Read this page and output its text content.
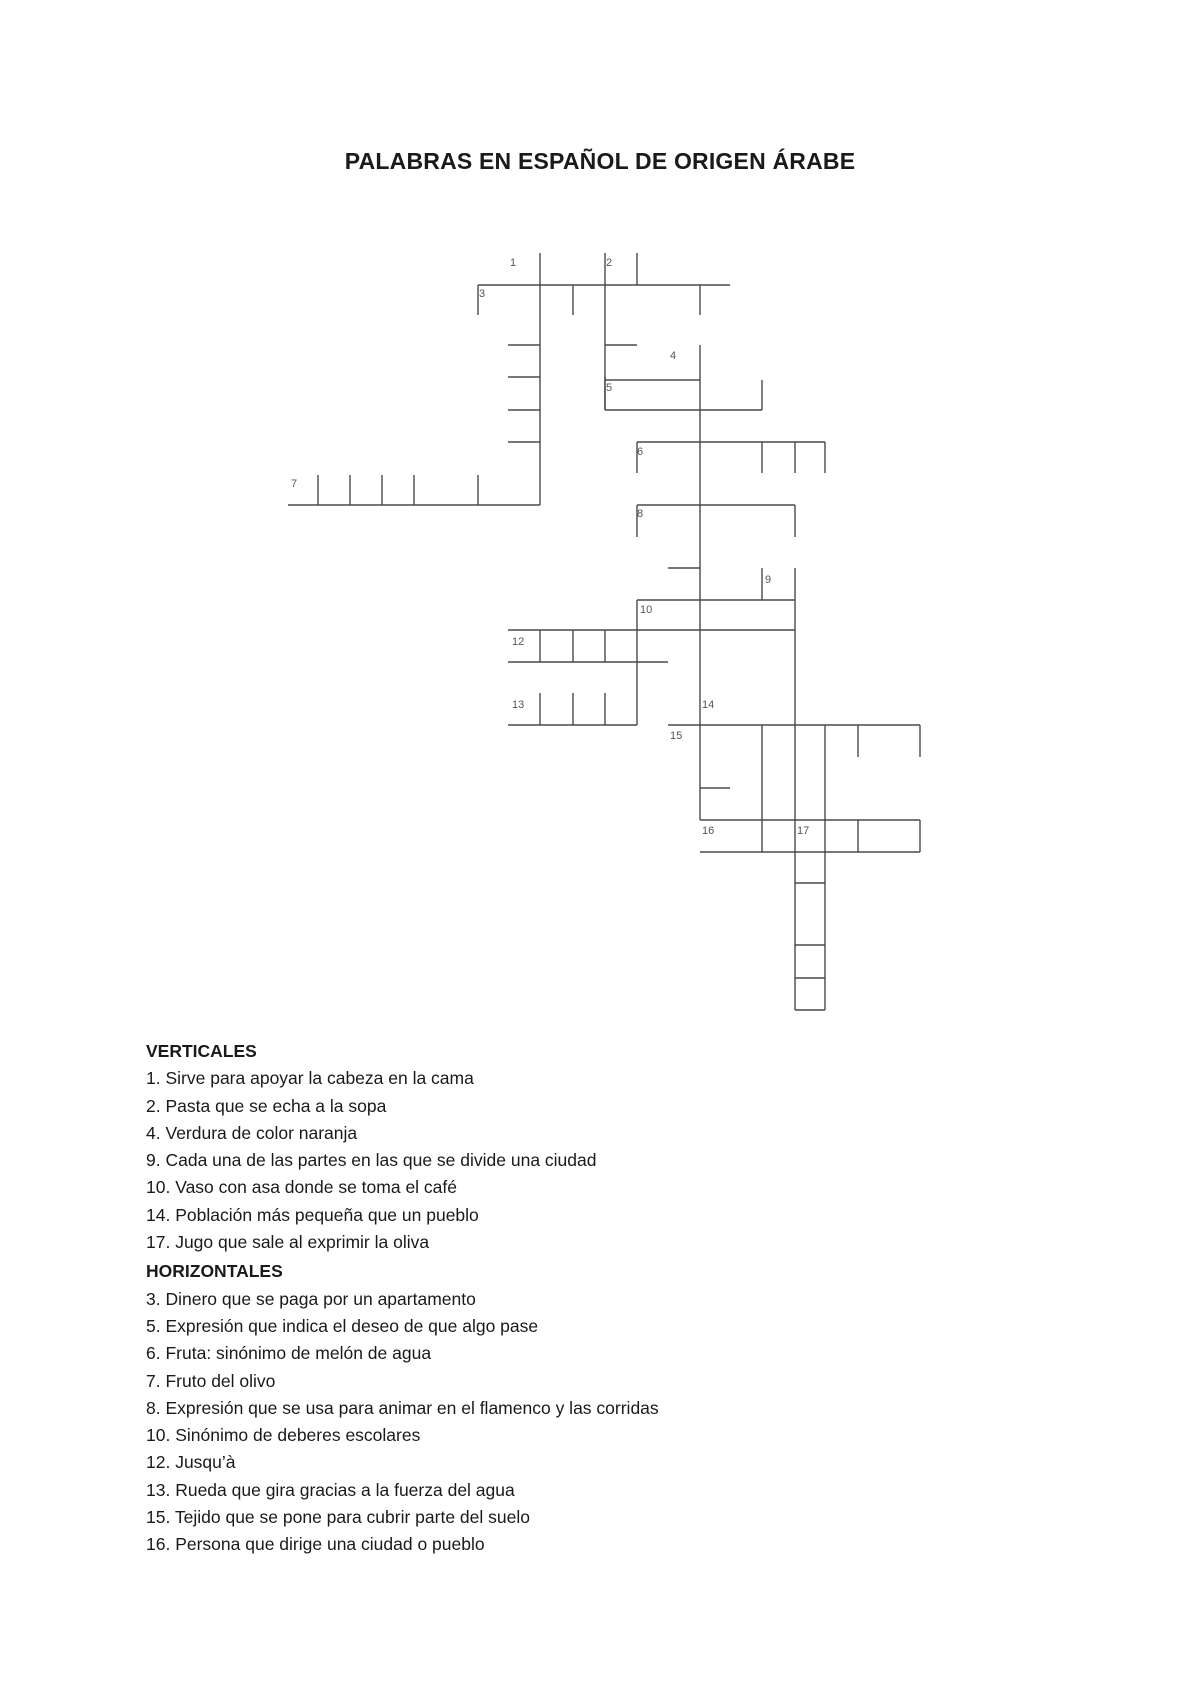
PALABRAS EN ESPAÑOL DE ORIGEN ÁRABE
1	2
3
4
5
6
7
8
9
10
12
13	14
15
16	17
VERTICALES
1. Sirve para apoyar la cabeza en la cama
2. Pasta que se echa a la sopa
4. Verdura de color naranja
9. Cada una de las partes en las que se divide una ciudad
10. Vaso con asa donde se toma el café
14. Población más pequeña que un pueblo
17. Jugo que sale al exprimir la oliva
HORIZONTALES
3. Dinero que se paga por un apartamento
5. Expresión que indica el deseo de que algo pase
6. Fruta: sinónimo de melón de agua
7. Fruto del olivo
8. Expresión que se usa para animar en el flamenco y las corridas
10. Sinónimo de deberes escolares
12. Jusqu’à
13. Rueda que gira gracias a la fuerza del agua
15. Tejido que se pone para cubrir parte del suelo
16. Persona que dirige una ciudad o pueblo
